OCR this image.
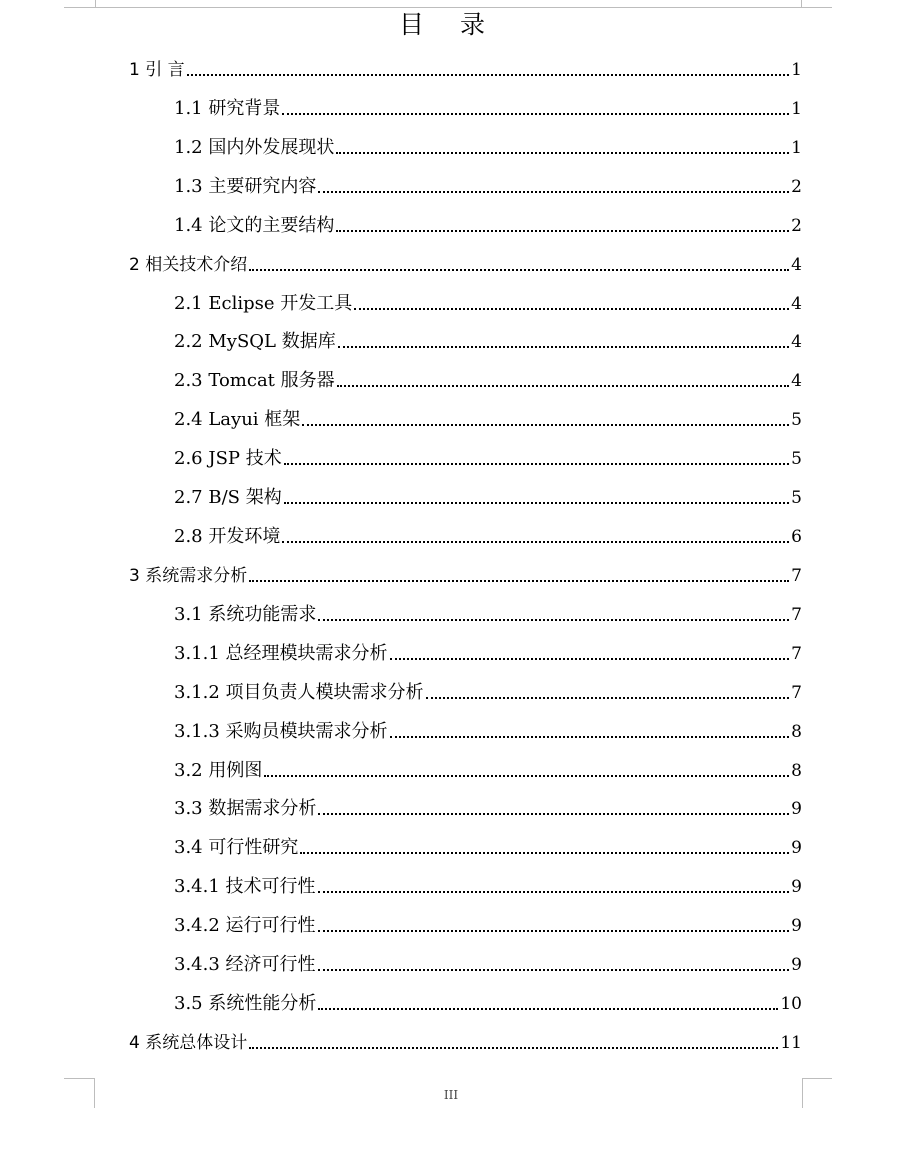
目 录
1 引 言	1
1.1 研究背景	1
1.2 国内外发展现状	1
1.3 主要研究内容	2
1.4 论文的主要结构	2
2 相关技术介绍	4
2.1 Eclipse 开发工具	4
2.2 MySQL 数据库	4
2.3 Tomcat 服务器	4
2.4 Layui 框架	5
2.6 JSP 技术	5
2.7 B/S 架构	5
2.8 开发环境	6
3 系统需求分析	7
3.1 系统功能需求	7
3.1.1 总经理模块需求分析	7
3.1.2 项目负责人模块需求分析	7
3.1.3 采购员模块需求分析	8
3.2 用例图	8
3.3 数据需求分析	9
3.4 可行性研究	9
3.4.1 技术可行性	9
3.4.2 运行可行性	9
3.4.3 经济可行性	9
3.5 系统性能分析	10
4 系统总体设计	11
III
